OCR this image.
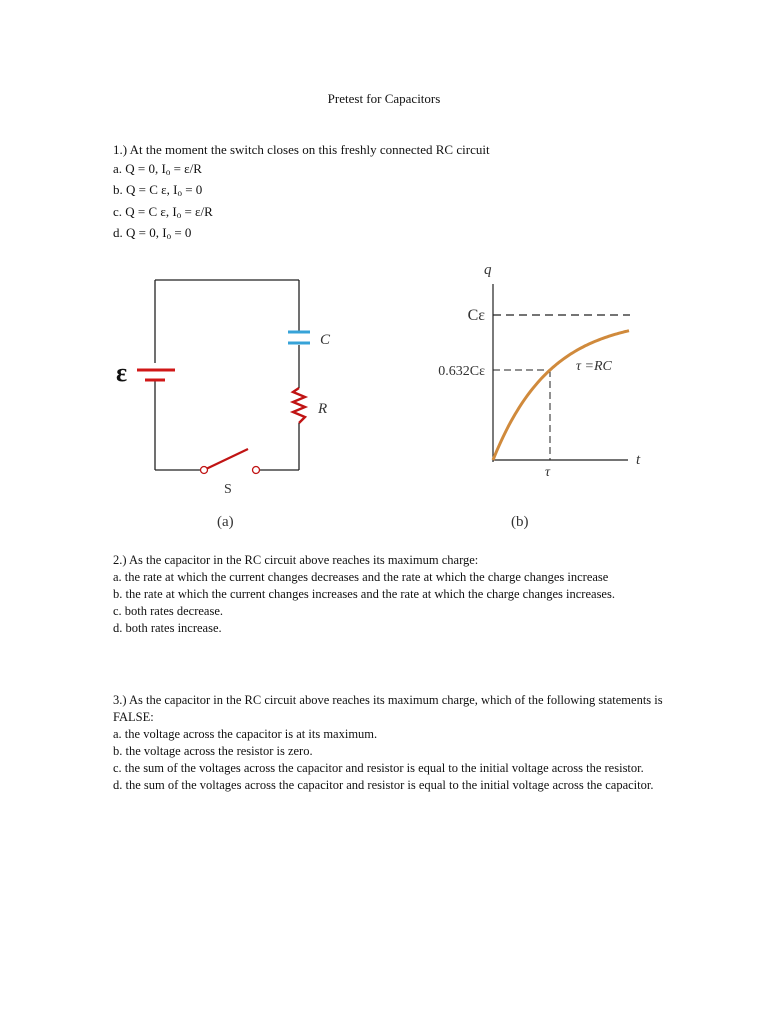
Pretest for Capacitors

1.) At the moment the switch closes on this freshly connected RC circuit

a. Q = 0, $I_o = \varepsilon/R$

b. Q = C ε, $I_o = 0$

c. Q = C ε, $I_o = \varepsilon/R$

d. Q = 0, $I_o = 0$

ε
C
R
S
(a)
q
t
Cε
0.632Cε	τ =RC
τ
(b)

2.) As the capacitor in the RC circuit above reaches its maximum charge:

a. the rate at which the current changes decreases and the rate at which the charge changes increase

b. the rate at which the current changes increases and the rate at which the charge changes increases.

c. both rates decrease.

d. both rates increase.

3.) As the capacitor in the RC circuit above reaches its maximum charge, which of the following statements is FALSE:

a. the voltage across the capacitor is at its maximum.

b. the voltage across the resistor is zero.

c. the sum of the voltages across the capacitor and resistor is equal to the initial voltage across the resistor.

d. the sum of the voltages across the capacitor and resistor is equal to the initial voltage across the capacitor.
